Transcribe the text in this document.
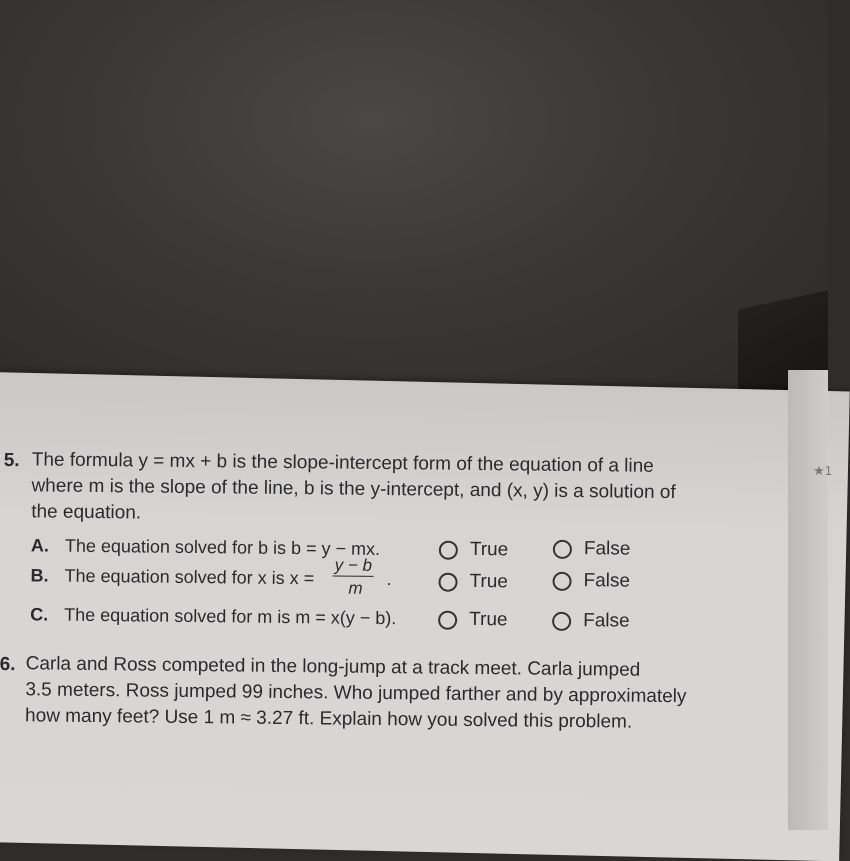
★1
5. The formula y = mx + b is the slope-intercept form of the equation of a line
where m is the slope of the line, b is the y-intercept, and (x, y) is a solution of
the equation.
A. The equation solved for b is b = y − mx.	True	False
B. The equation solved for x is x =
y − b
m .	True	False
C. The equation solved for m is m = x(y − b).	True	False
6. Carla and Ross competed in the long-jump at a track meet. Carla jumped
3.5 meters. Ross jumped 99 inches. Who jumped farther and by approximately
how many feet? Use 1 m ≈ 3.27 ft. Explain how you solved this problem.
